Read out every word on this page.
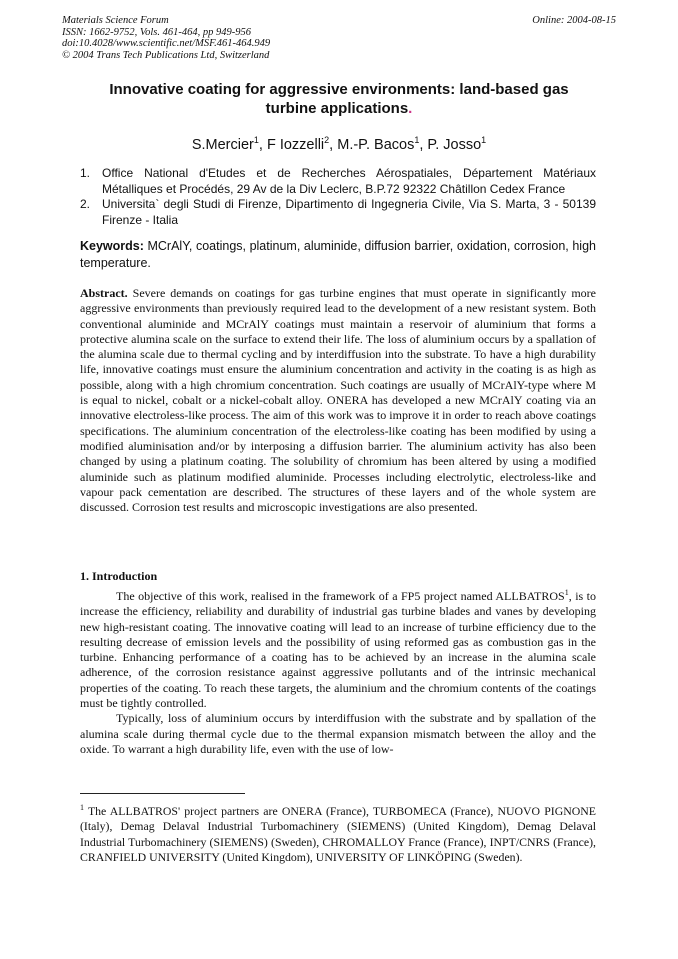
Materials Science Forum
ISSN: 1662-9752, Vols. 461-464, pp 949-956
doi:10.4028/www.scientific.net/MSF.461-464.949
© 2004 Trans Tech Publications Ltd, Switzerland
Online: 2004-08-15
Innovative coating for aggressive environments: land-based gas turbine applications.
S.Mercier$^1$, F Iozzelli$^2$, M.-P. Bacos$^1$, P. Josso$^1$
1. Office National d'Etudes et de Recherches Aérospatiales, Département Matériaux Métalliques et Procédés, 29 Av de la Div Leclerc, B.P.72 92322 Châtillon Cedex France
2. Universita` degli Studi di Firenze, Dipartimento di Ingegneria Civile, Via S. Marta, 3 - 50139 Firenze - Italia
Keywords: MCrAlY, coatings, platinum, aluminide, diffusion barrier, oxidation, corrosion, high temperature.
Abstract. Severe demands on coatings for gas turbine engines that must operate in significantly more aggressive environments than previously required lead to the development of a new resistant system. Both conventional aluminide and MCrAlY coatings must maintain a reservoir of aluminium that forms a protective alumina scale on the surface to extend their life. The loss of aluminium occurs by a spallation of the alumina scale due to thermal cycling and by interdiffusion into the substrate. To have a high durability life, innovative coatings must ensure the aluminium concentration and activity in the coating is as high as possible, along with a high chromium concentration. Such coatings are usually of MCrAlY-type where M is equal to nickel, cobalt or a nickel-cobalt alloy. ONERA has developed a new MCrAlY coating via an innovative electroless-like process. The aim of this work was to improve it in order to reach above coatings specifications. The aluminium concentration of the electroless-like coating has been modified by using a modified aluminisation and/or by interposing a diffusion barrier. The aluminium activity has also been changed by using a platinum coating. The solubility of chromium has been altered by using a modified aluminide such as platinum modified aluminide. Processes including electrolytic, electroless-like and vapour pack cementation are described. The structures of these layers and of the whole system are discussed. Corrosion test results and microscopic investigations are also presented.
1. Introduction

The objective of this work, realised in the framework of a FP5 project named ALLBATROS$^1$, is to increase the efficiency, reliability and durability of industrial gas turbine blades and vanes by developing new high-resistant coating. The innovative coating will lead to an increase of turbine efficiency due to the resulting decrease of emission levels and the possibility of using reformed gas as combustion gas in the turbine. Enhancing performance of a coating has to be achieved by an increase in the alumina scale adherence, of the corrosion resistance against aggressive pollutants and of the intrinsic mechanical properties of the coating. To reach these targets, the aluminium and the chromium contents of the coatings must be tightly controlled.

Typically, loss of aluminium occurs by interdiffusion with the substrate and by spallation of the alumina scale during thermal cycle due to the thermal expansion mismatch between the alloy and the oxide. To warrant a high durability life, even with the use of low-

$^1$ The ALLBATROS' project partners are ONERA (France), TURBOMECA (France), NUOVO PIGNONE (Italy), Demag Delaval Industrial Turbomachinery (SIEMENS) (United Kingdom), Demag Delaval Industrial Turbomachinery (SIEMENS) (Sweden), CHROMALLOY France (France), INPT/CNRS (France), CRANFIELD UNIVERSITY (United Kingdom), UNIVERSITY OF LINKÖPING (Sweden).
